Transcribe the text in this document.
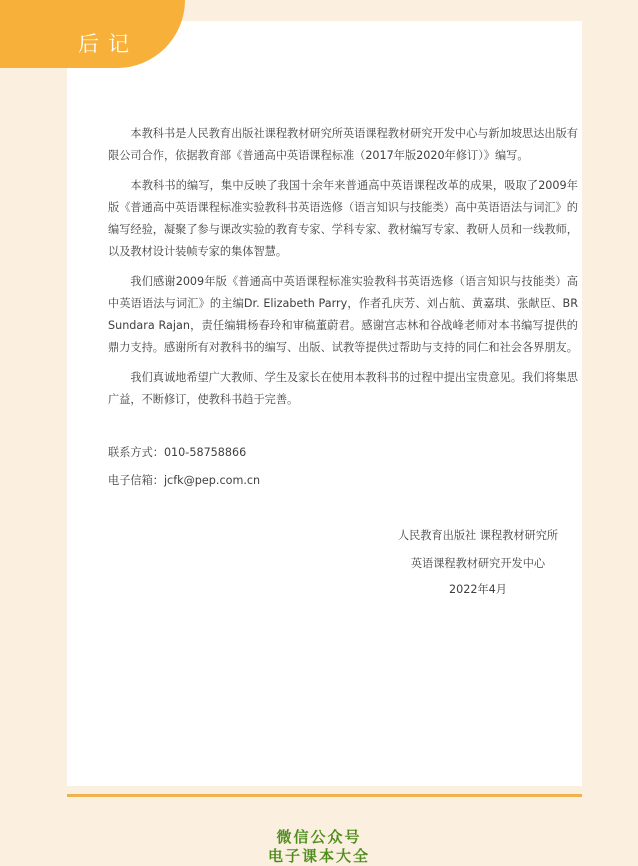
后记

本教科书是人民教育出版社课程教材研究所英语课程教材研究开发中心与新加坡思达出版有限公司合作，依据教育部《普通高中英语课程标准（2017年版2020年修订）》编写。

本教科书的编写，集中反映了我国十余年来普通高中英语课程改革的成果，吸取了2009年版《普通高中英语课程标准实验教科书英语选修（语言知识与技能类）高中英语语法与词汇》的编写经验，凝聚了参与课改实验的教育专家、学科专家、教材编写专家、教研人员和一线教师，以及教材设计装帧专家的集体智慧。

我们感谢2009年版《普通高中英语课程标准实验教科书英语选修（语言知识与技能类）高中英语语法与词汇》的主编Dr. Elizabeth Parry，作者孔庆芳、刘占航、黄嘉琪、张献臣、BR Sundara Rajan，责任编辑杨春玲和审稿董蔚君。感谢宫志林和谷战峰老师对本书编写提供的鼎力支持。感谢所有对教科书的编写、出版、试教等提供过帮助与支持的同仁和社会各界朋友。

我们真诚地希望广大教师、学生及家长在使用本教科书的过程中提出宝贵意见。我们将集思广益，不断修订，使教科书趋于完善。

联系方式：010-58758866
电子信箱：jcfk@pep.com.cn
人民教育出版社 课程教材研究所
英语课程教材研究开发中心
2022年4月
微信公众号
电子课本大全
